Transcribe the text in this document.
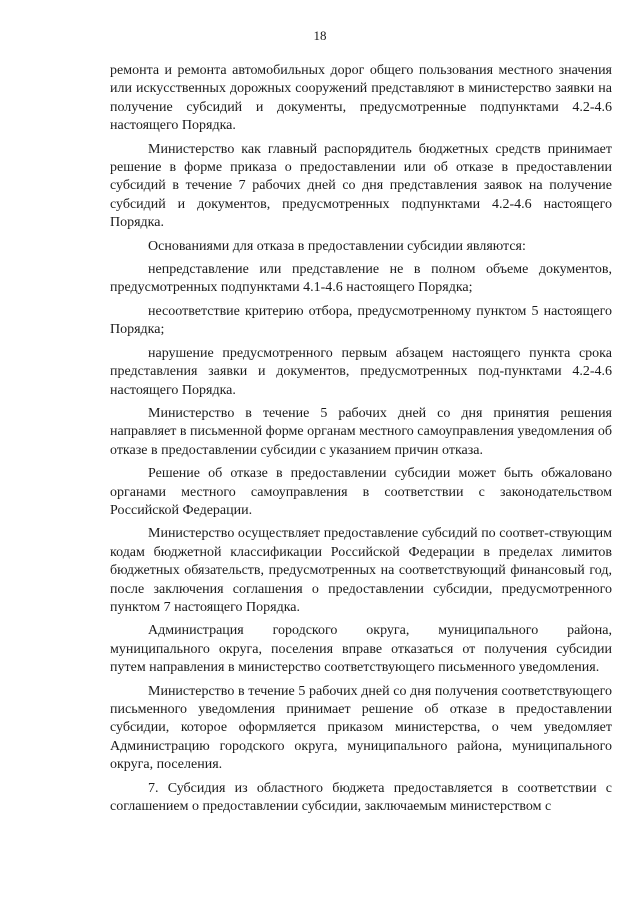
18

ремонта и ремонта автомобильных дорог общего пользования местного значения или искусственных дорожных сооружений представляют в министерство заявки на получение субсидий и документы, предусмотренные подпунктами 4.2-4.6 настоящего Порядка.

Министерство как главный распорядитель бюджетных средств принимает решение в форме приказа о предоставлении или об отказе в предоставлении субсидий в течение 7 рабочих дней со дня представления заявок на получение субсидий и документов, предусмотренных подпунктами 4.2-4.6 настоящего Порядка.

Основаниями для отказа в предоставлении субсидии являются:

непредставление или представление не в полном объеме документов, предусмотренных подпунктами 4.1-4.6 настоящего Порядка;

несоответствие критерию отбора, предусмотренному пунктом 5 настоящего Порядка;

нарушение предусмотренного первым абзацем настоящего пункта срока представления заявки и документов, предусмотренных под-пунктами 4.2-4.6 настоящего Порядка.

Министерство в течение 5 рабочих дней со дня принятия решения направляет в письменной форме органам местного самоуправления уведомления об отказе в предоставлении субсидии с указанием причин отказа.

Решение об отказе в предоставлении субсидии может быть обжаловано органами местного самоуправления в соответствии с законодательством Российской Федерации.

Министерство осуществляет предоставление субсидий по соответ-ствующим кодам бюджетной классификации Российской Федерации в пределах лимитов бюджетных обязательств, предусмотренных на соответствующий финансовый год, после заключения соглашения о предоставлении субсидии, предусмотренного пунктом 7 настоящего Порядка.

Администрация городского округа, муниципального района, муниципального округа, поселения вправе отказаться от получения субсидии путем направления в министерство соответствующего письменного уведомления.

Министерство в течение 5 рабочих дней со дня получения соответствующего письменного уведомления принимает решение об отказе в предоставлении субсидии, которое оформляется приказом министерства, о чем уведомляет Администрацию городского округа, муниципального района, муниципального округа, поселения.

7. Субсидия из областного бюджета предоставляется в соответствии с соглашением о предоставлении субсидии, заключаемым министерством с
